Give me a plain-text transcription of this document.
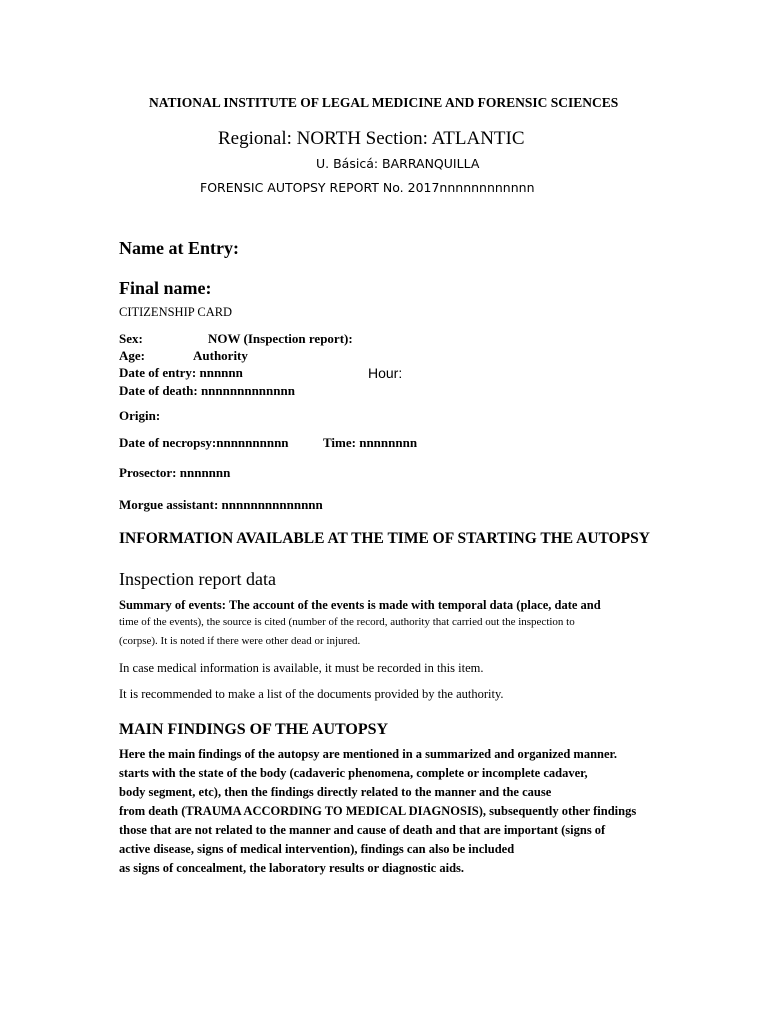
NATIONAL INSTITUTE OF LEGAL MEDICINE AND FORENSIC SCIENCES
Regional: NORTH Section: ATLANTIC
U. Básicá: BARRANQUILLA
FORENSIC AUTOPSY REPORT No. 2017nnnnnnnnnnnn
Name at Entry:
Final name:
CITIZENSHIP CARD
Sex:	NOW (Inspection report):
Age:	Authority
Date of entry: nnnnnn	Hour:
Date of death: nnnnnnnnnnnnn
Origin:
Date of necropsy:nnnnnnnnnn	Time: nnnnnnnn
Prosector: nnnnnnn
Morgue assistant: nnnnnnnnnnnnnn
INFORMATION AVAILABLE AT THE TIME OF STARTING THE AUTOPSY
Inspection report data
Summary of events: The account of the events is made with temporal data (place, date and
time of the events), the source is cited (number of the record, authority that carried out the inspection to
(corpse). It is noted if there were other dead or injured.
In case medical information is available, it must be recorded in this item.
It is recommended to make a list of the documents provided by the authority.
MAIN FINDINGS OF THE AUTOPSY
Here the main findings of the autopsy are mentioned in a summarized and organized manner.
starts with the state of the body (cadaveric phenomena, complete or incomplete cadaver,
body segment, etc), then the findings directly related to the manner and the cause
from death (TRAUMA ACCORDING TO MEDICAL DIAGNOSIS), subsequently other findings
those that are not related to the manner and cause of death and that are important (signs of
active disease, signs of medical intervention), findings can also be included
as signs of concealment, the laboratory results or diagnostic aids.
